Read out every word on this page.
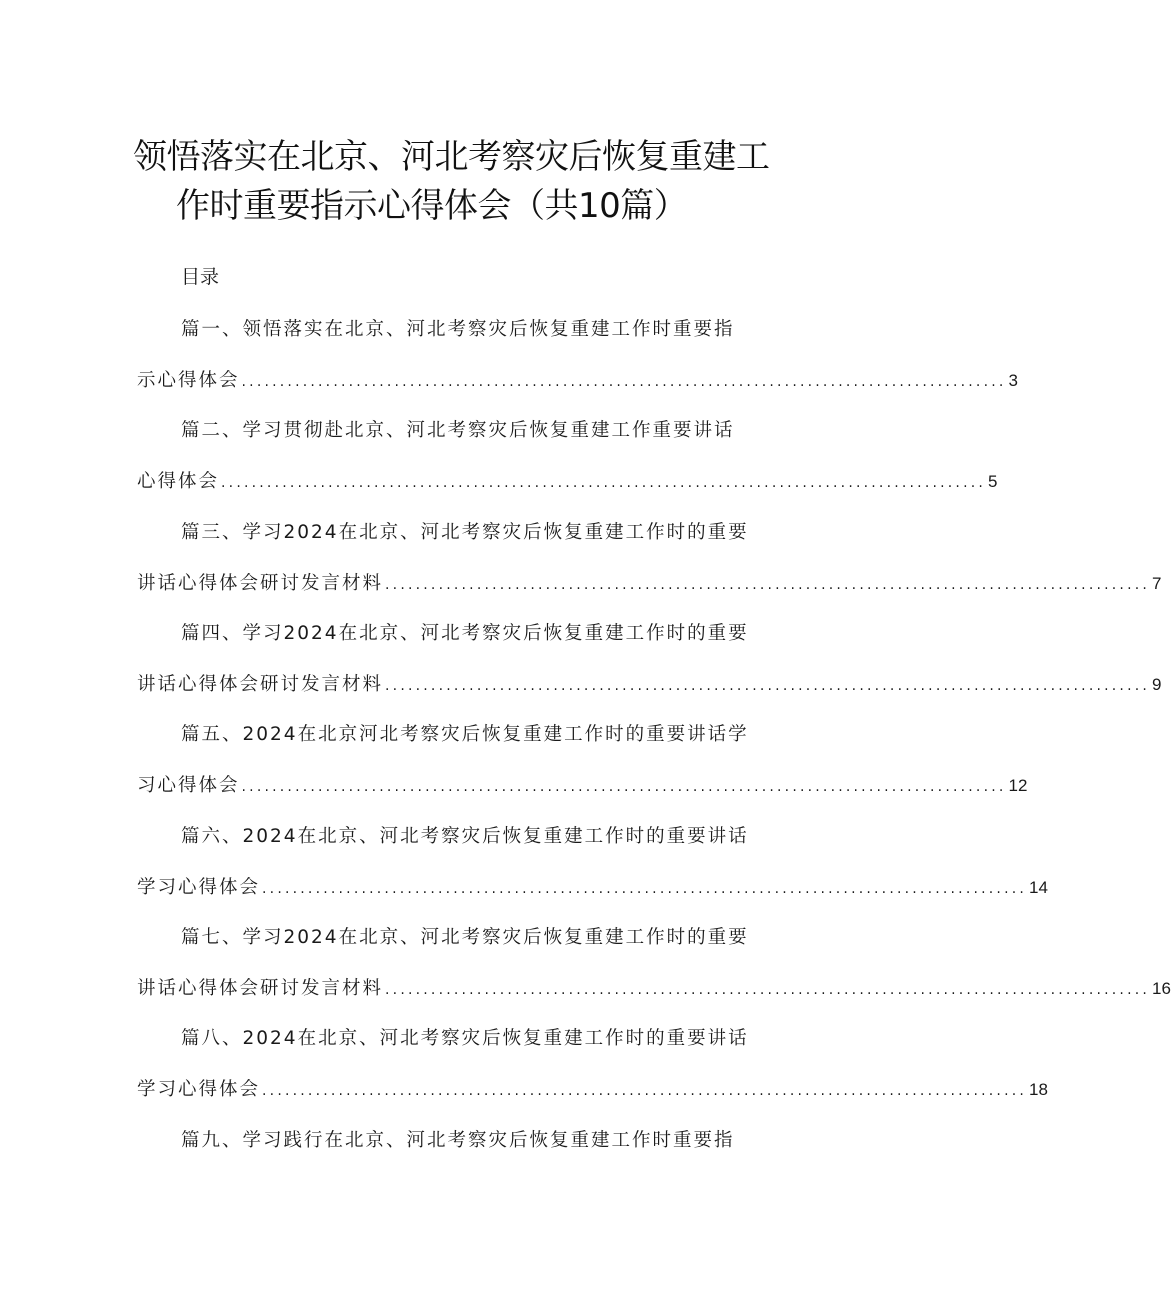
领悟落实在北京、河北考察灾后恢复重建工
作时重要指示心得体会（共10篇）
目录
篇一、领悟落实在北京、河北考察灾后恢复重建工作时重要指
示心得体会 .................................................................................................... 3
篇二、学习贯彻赴北京、河北考察灾后恢复重建工作重要讲话
心得体会 .................................................................................................... 5
篇三、学习2024在北京、河北考察灾后恢复重建工作时的重要
讲话心得体会研讨发言材料 .................................................................................................... 7
篇四、学习2024在北京、河北考察灾后恢复重建工作时的重要
讲话心得体会研讨发言材料 .................................................................................................... 9
篇五、2024在北京河北考察灾后恢复重建工作时的重要讲话学
习心得体会 .................................................................................................... 12
篇六、2024在北京、河北考察灾后恢复重建工作时的重要讲话
学习心得体会 .................................................................................................... 14
篇七、学习2024在北京、河北考察灾后恢复重建工作时的重要
讲话心得体会研讨发言材料 .................................................................................................... 16
篇八、2024在北京、河北考察灾后恢复重建工作时的重要讲话
学习心得体会 .................................................................................................... 18
篇九、学习践行在北京、河北考察灾后恢复重建工作时重要指
